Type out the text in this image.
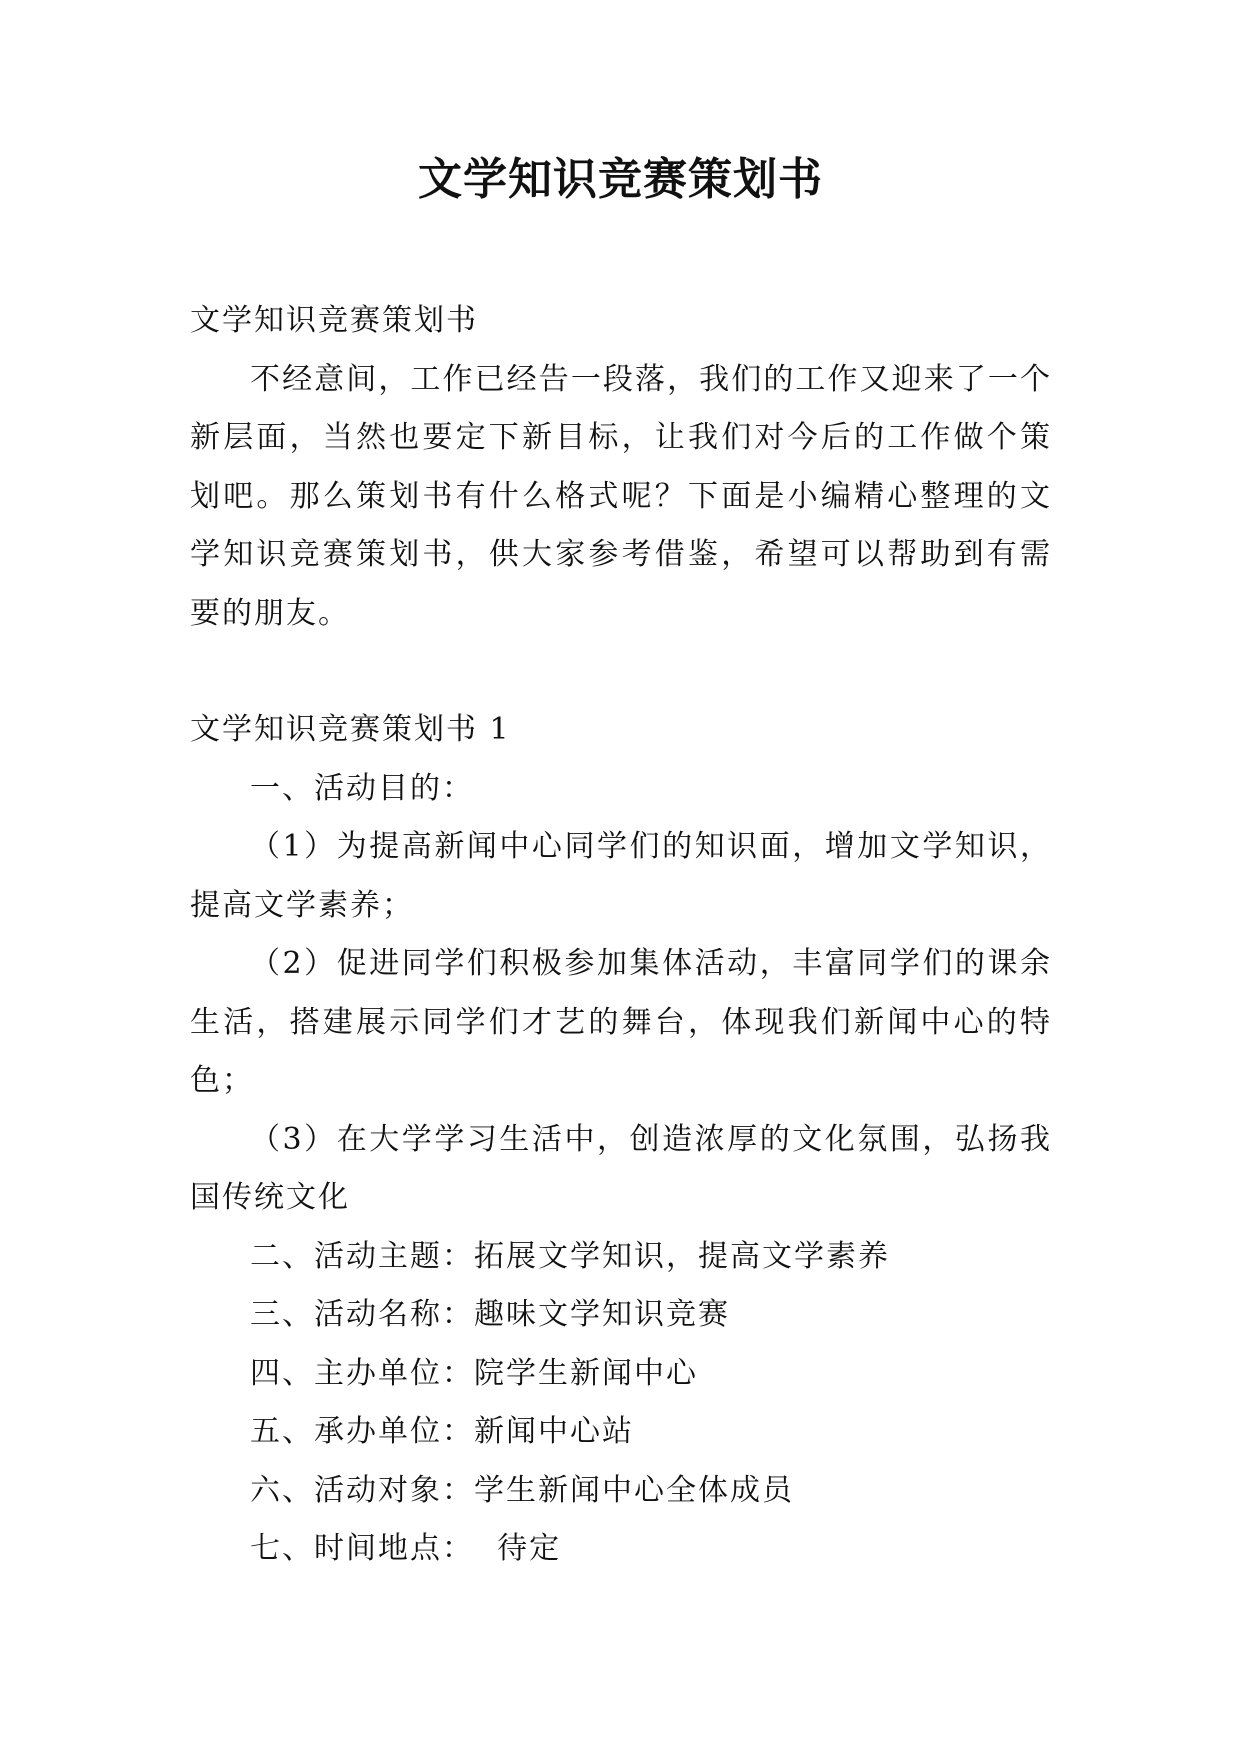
文学知识竞赛策划书

文学知识竞赛策划书

不经意间，工作已经告一段落，我们的工作又迎来了一个新层面，当然也要定下新目标，让我们对今后的工作做个策划吧。那么策划书有什么格式呢？下面是小编精心整理的文学知识竞赛策划书，供大家参考借鉴，希望可以帮助到有需要的朋友。

文学知识竞赛策划书 1

一、活动目的：

（1）为提高新闻中心同学们的知识面，增加文学知识，提高文学素养；

（2）促进同学们积极参加集体活动，丰富同学们的课余生活，搭建展示同学们才艺的舞台，体现我们新闻中心的特色；

（3）在大学学习生活中，创造浓厚的文化氛围，弘扬我国传统文化

二、活动主题：拓展文学知识，提高文学素养

三、活动名称：趣味文学知识竞赛

四、主办单位：院学生新闻中心

五、承办单位：新闻中心站

六、活动对象：学生新闻中心全体成员

七、时间地点：  待定
